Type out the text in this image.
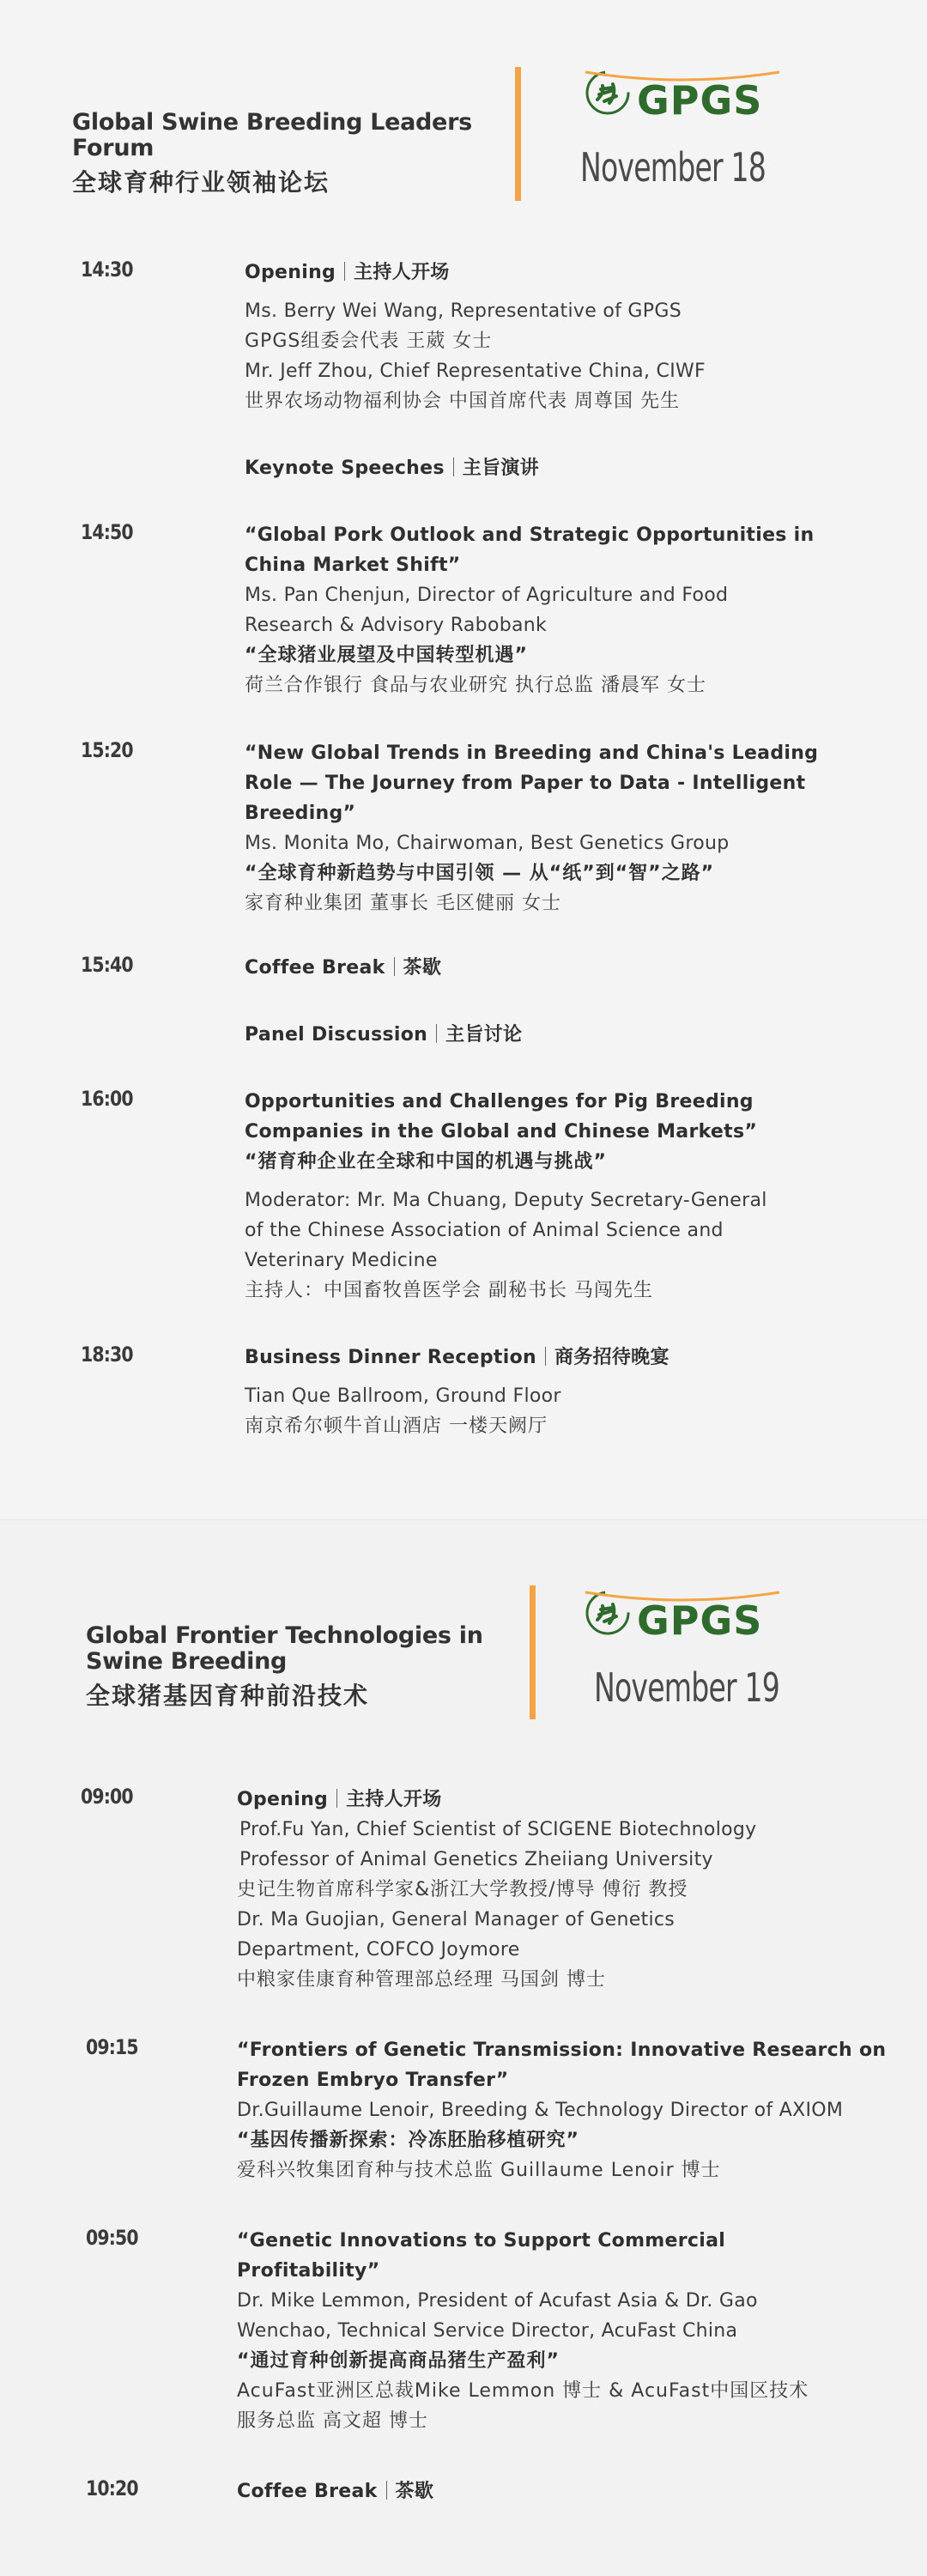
Global Swine Breeding Leaders Forum
全球育种行业领袖论坛
GPGS
November 18
14:30	Opening 主持人开场
Ms. Berry Wei Wang, Representative of GPGS
GPGS组委会代表 王葳 女士
Mr. Jeff Zhou, Chief Representative China, CIWF
世界农场动物福利协会 中国首席代表 周尊国 先生
Keynote Speeches 主旨演讲
14:50	“Global Pork Outlook and Strategic Opportunities in
China Market Shift”
Ms. Pan Chenjun, Director of Agriculture and Food
Research & Advisory Rabobank
“全球猪业展望及中国转型机遇”
荷兰合作银行 食品与农业研究 执行总监 潘晨军 女士
15:20	“New Global Trends in Breeding and China's Leading
Role — The Journey from Paper to Data - Intelligent
Breeding”
Ms. Monita Mo, Chairwoman, Best Genetics Group
“全球育种新趋势与中国引领 — 从“纸”到“智”之路”
家育种业集团 董事长 毛区健丽 女士
15:40	Coffee Break 茶歇
Panel Discussion 主旨讨论
16:00	Opportunities and Challenges for Pig Breeding
Companies in the Global and Chinese Markets”
“猪育种企业在全球和中国的机遇与挑战”
Moderator: Mr. Ma Chuang, Deputy Secretary-General
of the Chinese Association of Animal Science and
Veterinary Medicine
主持人：中国畜牧兽医学会 副秘书长 马闯先生
18:30	Business Dinner Reception 商务招待晚宴
Tian Que Ballroom, Ground Floor
南京希尔顿牛首山酒店 一楼天阙厅
Global Frontier Technologies in Swine Breeding
全球猪基因育种前沿技术
GPGS
November 19
09:00	Opening 主持人开场
Prof.Fu Yan, Chief Scientist of SCIGENE Biotechnology
Professor of Animal Genetics Zheiiang University
史记生物首席科学家&浙江大学教授/博导 傅衍 教授
Dr. Ma Guojian, General Manager of Genetics
Department, COFCO Joymore
中粮家佳康育种管理部总经理 马国剑 博士
09:15	“Frontiers of Genetic Transmission: Innovative Research on
Frozen Embryo Transfer”
Dr.Guillaume Lenoir, Breeding & Technology Director of AXIOM
“基因传播新探索：冷冻胚胎移植研究”
爱科兴牧集团育种与技术总监 Guillaume Lenoir 博士
09:50	“Genetic Innovations to Support Commercial
Profitability”
Dr. Mike Lemmon, President of Acufast Asia & Dr. Gao
Wenchao, Technical Service Director, AcuFast China
“通过育种创新提高商品猪生产盈利”
AcuFast亚洲区总裁Mike Lemmon 博士 & AcuFast中国区技术
服务总监 高文超 博士
10:20	Coffee Break 茶歇
